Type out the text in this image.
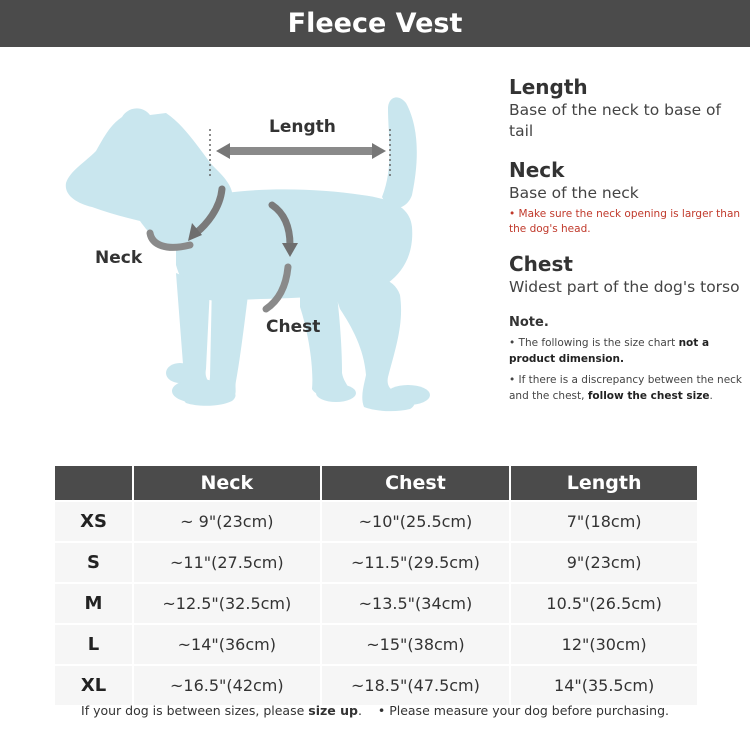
Fleece Vest
Length
Neck
Chest
Length
Base of the neck to base of tail
Neck
Base of the neck
• Make sure the neck opening is larger than the dog's head.
Chest
Widest part of the dog's torso
Note.
• The following is the size chart not a product dimension.
• If there is a discrepancy between the neck and the chest, follow the chest size.
	Neck	Chest	Length
XS	~ 9"(23cm)	~10"(25.5cm)	7"(18cm)
S	~11"(27.5cm)	~11.5"(29.5cm)	9"(23cm)
M	~12.5"(32.5cm)	~13.5"(34cm)	10.5"(26.5cm)
L	~14"(36cm)	~15"(38cm)	12"(30cm)
XL	~16.5"(42cm)	~18.5"(47.5cm)	14"(35.5cm)
If your dog is between sizes, please size up. • Please measure your dog before purchasing.
